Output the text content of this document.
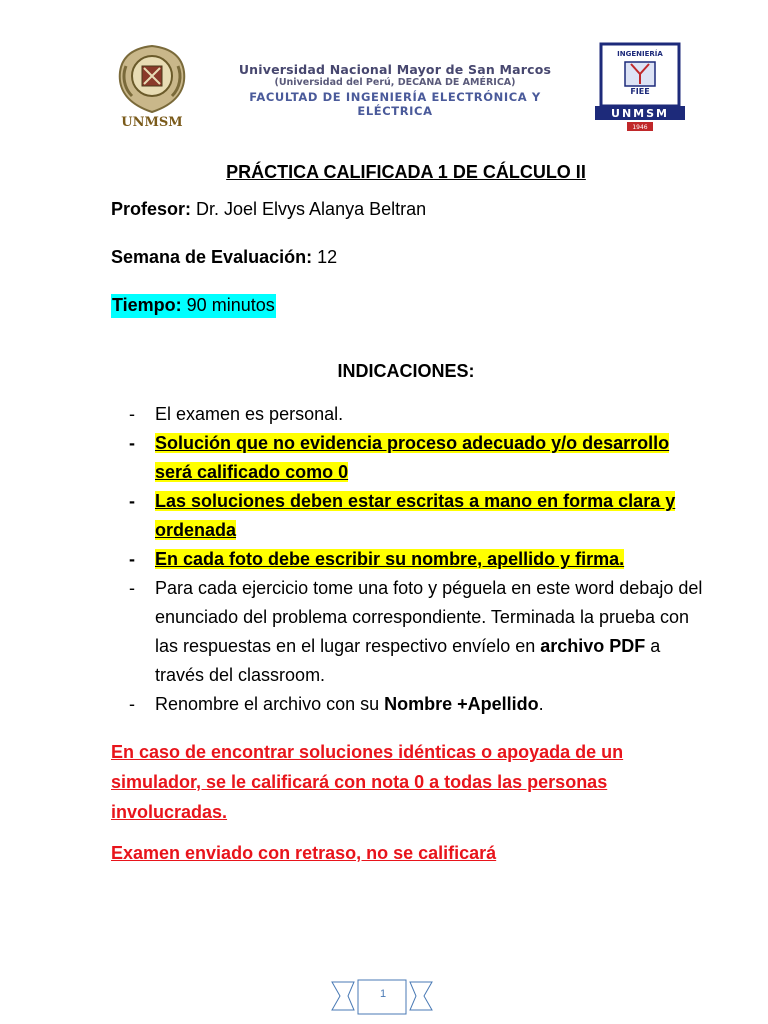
UNMSM
Universidad Nacional Mayor de San Marcos
(Universidad del Perú, DECANA DE AMÉRICA)
FACULTAD DE INGENIERÍA ELECTRÓNICA Y ELÉCTRICA
INGENIERÍA
FIEE
UNMSM
1946
PRÁCTICA CALIFICADA 1 DE CÁLCULO II
Profesor: Dr. Joel Elvys Alanya Beltran
Semana de Evaluación: 12
Tiempo: 90 minutos
INDICACIONES:
- El examen es personal.
- Solución que no evidencia proceso adecuado y/o desarrollo será calificado como 0
- Las soluciones deben estar escritas a mano en forma clara y ordenada
- En cada foto debe escribir su nombre, apellido y firma.
- Para cada ejercicio tome una foto y péguela en este word debajo del enunciado del problema correspondiente. Terminada la prueba con las respuestas en el lugar respectivo envíelo en archivo PDF a través del classroom.
- Renombre el archivo con su Nombre +Apellido.
En caso de encontrar soluciones idénticas o apoyada de un simulador, se le calificará con nota 0 a todas las personas involucradas.
Examen enviado con retraso, no se calificará
1
